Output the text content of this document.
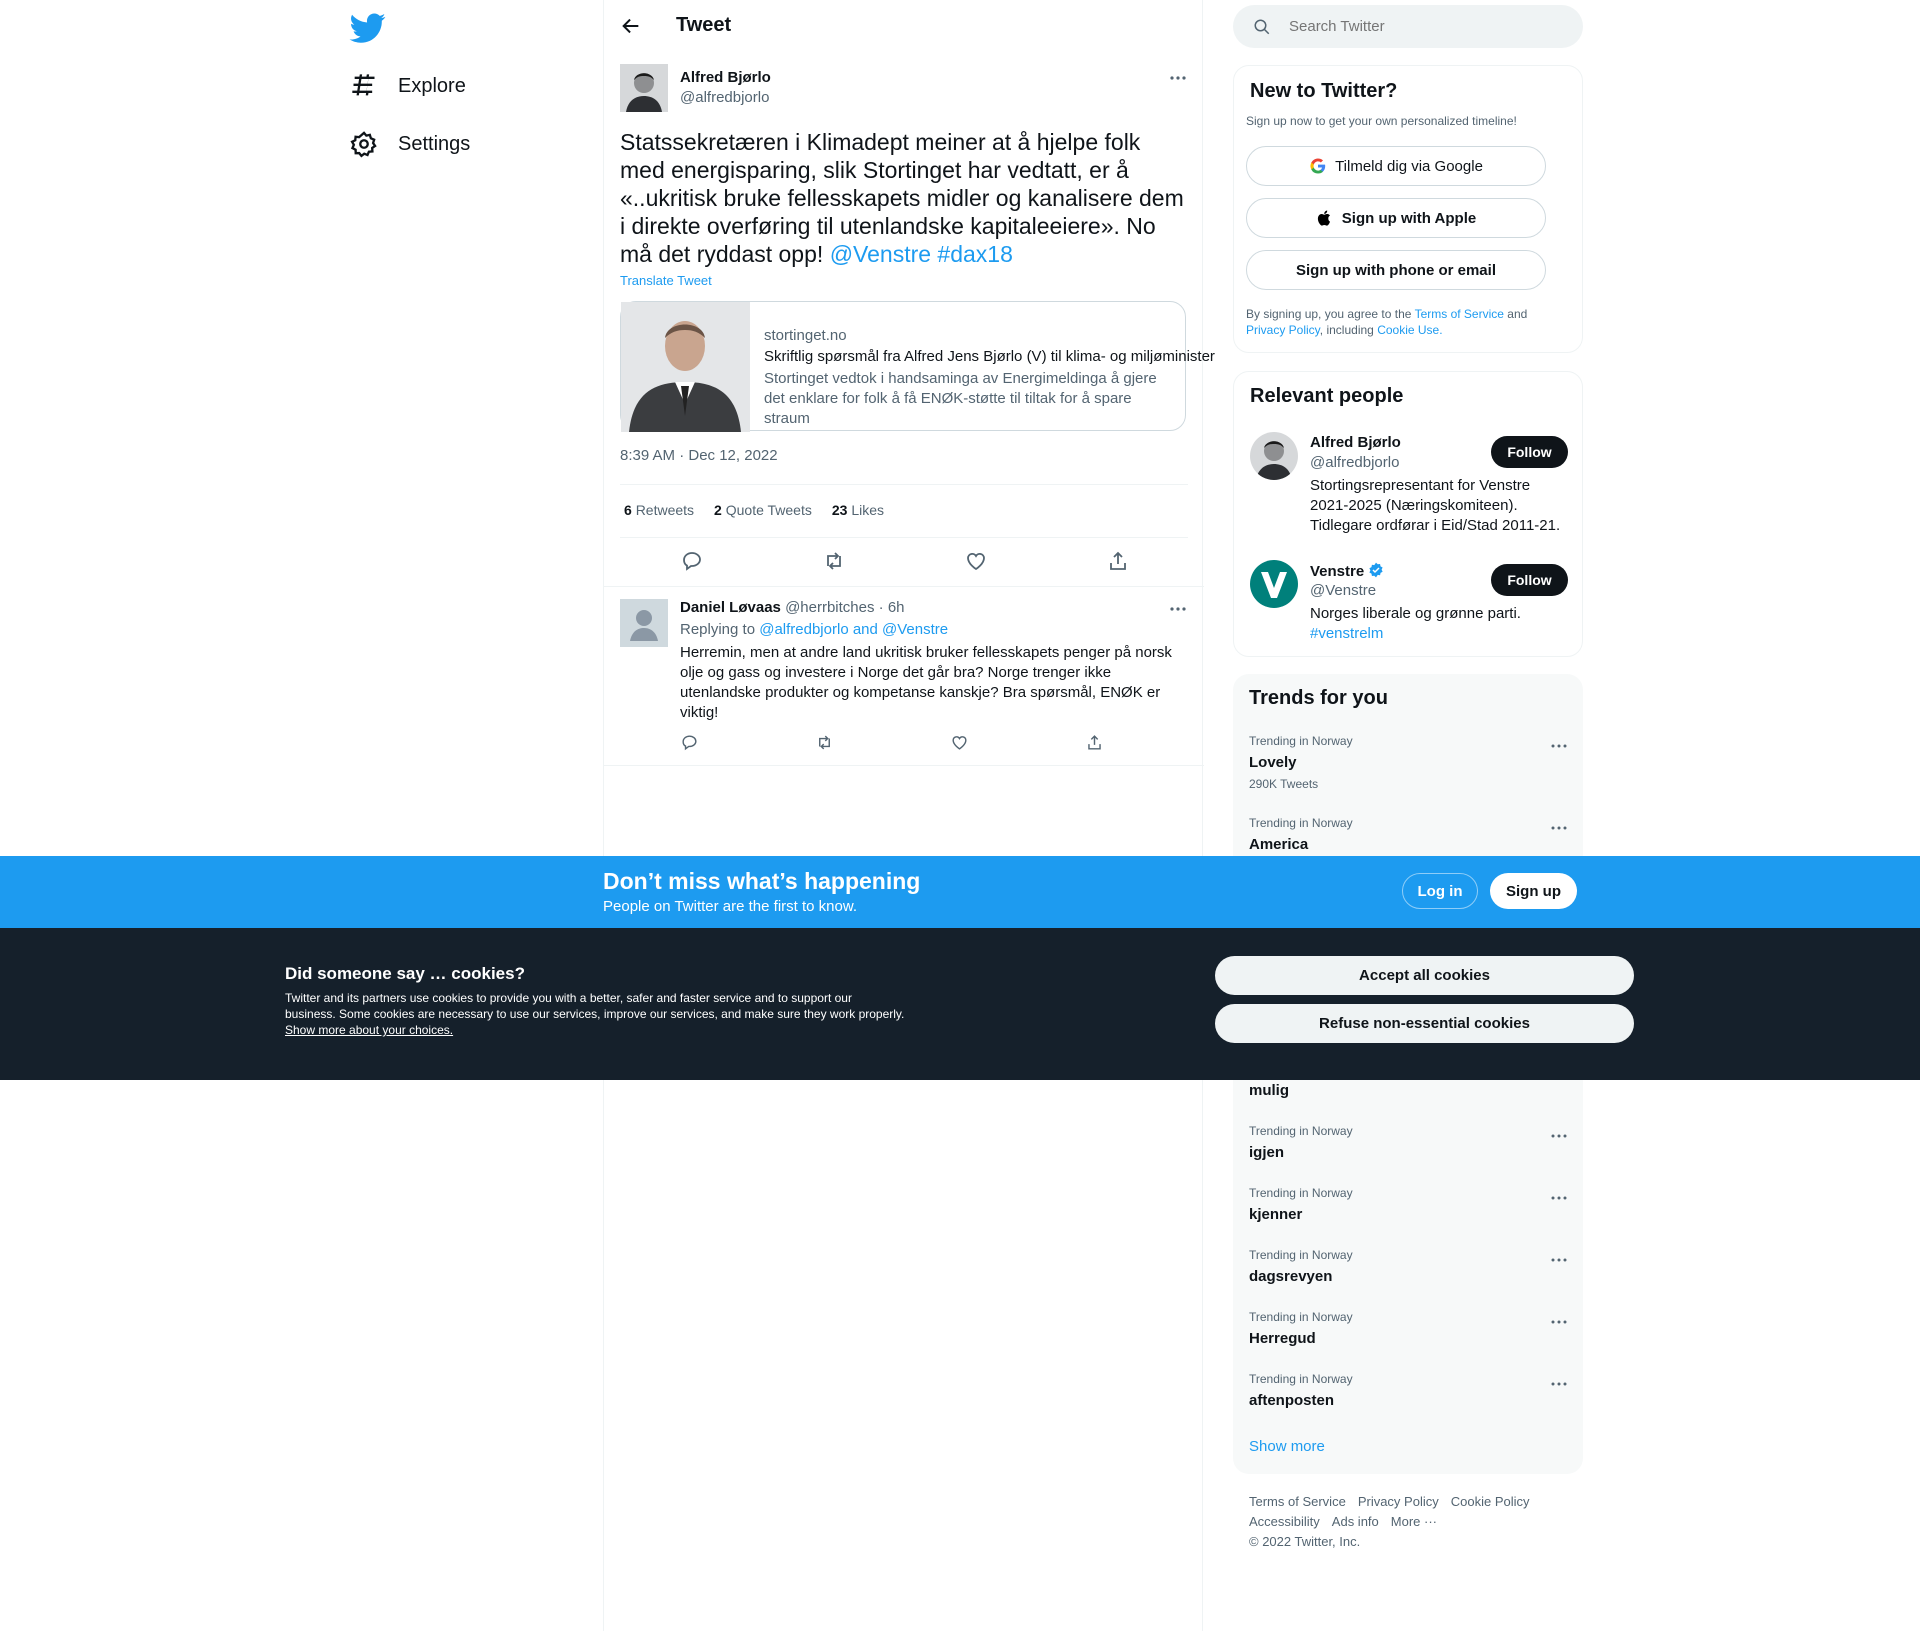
Explore
Settings
Tweet
Alfred Bjørlo
@alfredbjorlo
Statssekretæren i Klimadept meiner at å hjelpe folk med energisparing, slik Stortinget har vedtatt, er å «..ukritisk bruke fellesskapets midler og kanalisere dem i direkte overføring til utenlandske kapitaleeiere». No må det ryddast opp! @Venstre #dax18
Translate Tweet
stortinget.no
Skriftlig spørsmål fra Alfred Jens Bjørlo (V) til klima- og miljøminister
Stortinget vedtok i handsaminga av Energimeldinga å gjere det enklare for folk å få ENØK-støtte til tiltak for å spare straum
8:39 AM · Dec 12, 2022
6 Retweets 2 Quote Tweets 23 Likes
Daniel Løvaas @herrbitches · 6h
Replying to @alfredbjorlo and @Venstre
Herremin, men at andre land ukritisk bruker fellesskapets penger på norsk olje og gass og investere i Norge det går bra? Norge trenger ikke utenlandske produkter og kompetanse kanskje? Bra spørsmål, ENØK er viktig!
Search Twitter
New to Twitter?
Sign up now to get your own personalized timeline!
Tilmeld dig via Google
Sign up with Apple
Sign up with phone or email
By signing up, you agree to the Terms of Service and Privacy Policy, including Cookie Use.
Relevant people
Alfred Bjørlo
@alfredbjorlo
Follow
Stortingsrepresentant for Venstre 2021-2025 (Næringskomiteen). Tidlegare ordførar i Eid/Stad 2011-21.
Venstre
@Venstre
Follow
Norges liberale og grønne parti.
#venstrelm
Trends for you
Trending in Norway
Lovely
290K Tweets
Trending in Norway
America
mulig
Trending in Norway
igjen
Trending in Norway
kjenner
Trending in Norway
dagsrevyen
Trending in Norway
Herregud
Trending in Norway
aftenposten
Show more
Terms of Service Privacy Policy Cookie Policy
Accessibility Ads info More ···
© 2022 Twitter, Inc.
Don’t miss what’s happening
People on Twitter are the first to know.
Log in	Sign up
Did someone say … cookies?
Twitter and its partners use cookies to provide you with a better, safer and faster service and to support our business. Some cookies are necessary to use our services, improve our services, and make sure they work properly. Show more about your choices.
Accept all cookies
Refuse non-essential cookies
